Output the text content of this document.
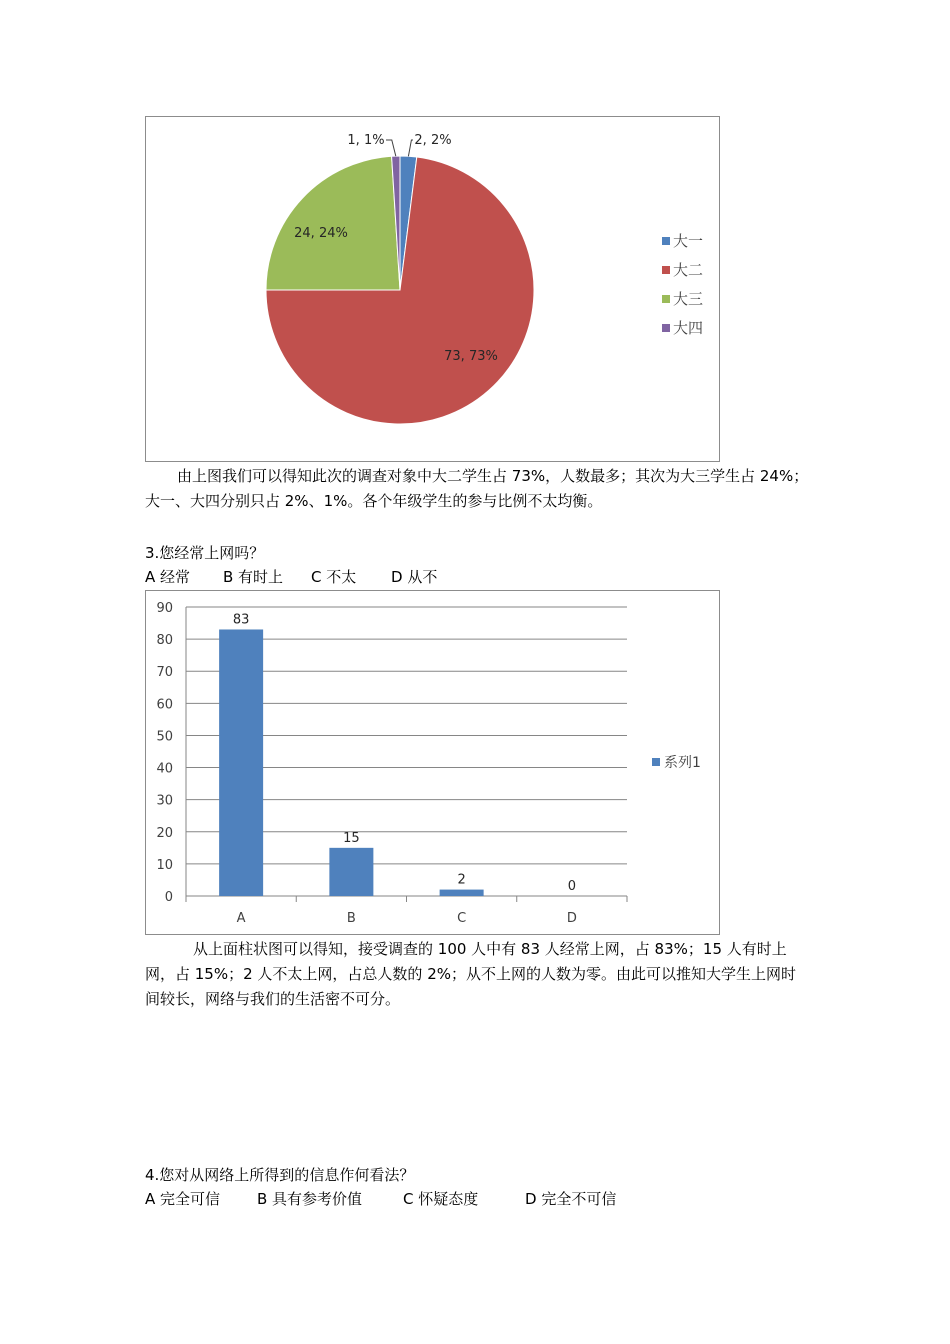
2, 2%
73, 73%
24, 24%
1, 1%
大一
大二
大三
大四

由上图我们可以得知此次的调查对象中大二学生占 73%，人数最多；其次为大三学生占 24%；大一、大四分别只占 2%、1%。各个年级学生的参与比例不太均衡。

3.您经常上网吗？

A 经常 B 有时上 C 不太 D 从不

0
10
20
30
40
50
60
70
80
90
83
A
15
B
2
C
0
D
系列1

从上面柱状图可以得知，接受调查的 100 人中有 83 人经常上网，占 83%；15 人有时上网，占 15%；2 人不太上网，占总人数的 2%；从不上网的人数为零。由此可以推知大学生上网时间较长，网络与我们的生活密不可分。

4.您对从网络上所得到的信息作何看法？

A 完全可信 B 具有参考价值	C 怀疑态度	D 完全不可信
